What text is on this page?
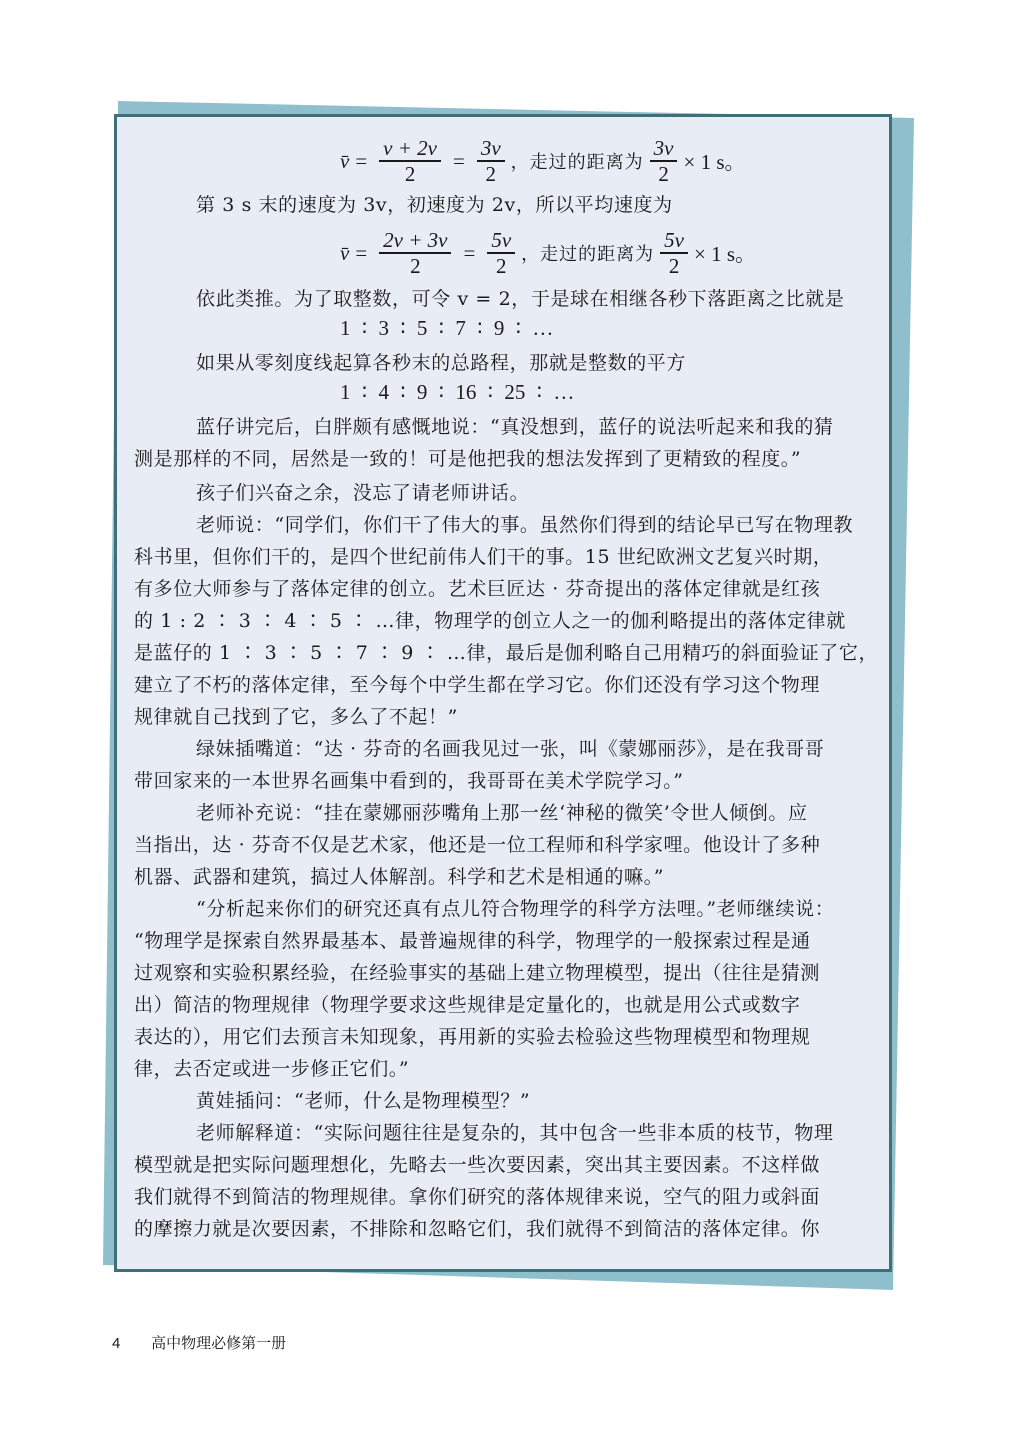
v̄ = $\frac{v + 2v}{2} = \frac{3v}{2}$ ，走过的距离为 $\frac{3v}{2} \times 1$ s。
第 3 s 末的速度为 3v，初速度为 2v，所以平均速度为
v̄ = $\frac{2v + 3v}{2} = \frac{5v}{2}$ ，走过的距离为 $\frac{5v}{2} \times 1$ s。
依此类推。为了取整数，可令 v = 2，于是球在相继各秒下落距离之比就是
1 ∶ 3 ∶ 5 ∶ 7 ∶ 9 ∶ …
如果从零刻度线起算各秒末的总路程，那就是整数的平方
1 ∶ 4 ∶ 9 ∶ 16 ∶ 25 ∶ …
蓝仔讲完后，白胖颇有感慨地说：“真没想到，蓝仔的说法听起来和我的猜
测是那样的不同，居然是一致的！可是他把我的想法发挥到了更精致的程度。”
孩子们兴奋之余，没忘了请老师讲话。
老师说：“同学们，你们干了伟大的事。虽然你们得到的结论早已写在物理教
科书里，但你们干的，是四个世纪前伟人们干的事。15 世纪欧洲文艺复兴时期，
有多位大师参与了落体定律的创立。艺术巨匠达 · 芬奇提出的落体定律就是红孩
的 1 : 2 ∶ 3 ∶ 4 ∶ 5 ∶ …律，物理学的创立人之一的伽利略提出的落体定律就
是蓝仔的 1 ∶ 3 ∶ 5 ∶ 7 ∶ 9 ∶ …律，最后是伽利略自己用精巧的斜面验证了它，
建立了不朽的落体定律，至今每个中学生都在学习它。你们还没有学习这个物理
规律就自己找到了它，多么了不起！”
绿妹插嘴道：“达 · 芬奇的名画我见过一张，叫《蒙娜丽莎》，是在我哥哥
带回家来的一本世界名画集中看到的，我哥哥在美术学院学习。”
老师补充说：“挂在蒙娜丽莎嘴角上那一丝‘神秘的微笑’令世人倾倒。应
当指出，达 · 芬奇不仅是艺术家，他还是一位工程师和科学家哩。他设计了多种
机器、武器和建筑，搞过人体解剖。科学和艺术是相通的嘛。”
“分析起来你们的研究还真有点儿符合物理学的科学方法哩。”老师继续说：
“物理学是探索自然界最基本、最普遍规律的科学，物理学的一般探索过程是通
过观察和实验积累经验，在经验事实的基础上建立物理模型，提出（往往是猜测
出）简洁的物理规律（物理学要求这些规律是定量化的，也就是用公式或数字
表达的），用它们去预言未知现象，再用新的实验去检验这些物理模型和物理规
律，去否定或进一步修正它们。”
黄娃插问：“老师，什么是物理模型？”
老师解释道：“实际问题往往是复杂的，其中包含一些非本质的枝节，物理
模型就是把实际问题理想化，先略去一些次要因素，突出其主要因素。不这样做
我们就得不到简洁的物理规律。拿你们研究的落体规律来说，空气的阻力或斜面
的摩擦力就是次要因素，不排除和忽略它们，我们就得不到简洁的落体定律。你
4 高中物理必修第一册
